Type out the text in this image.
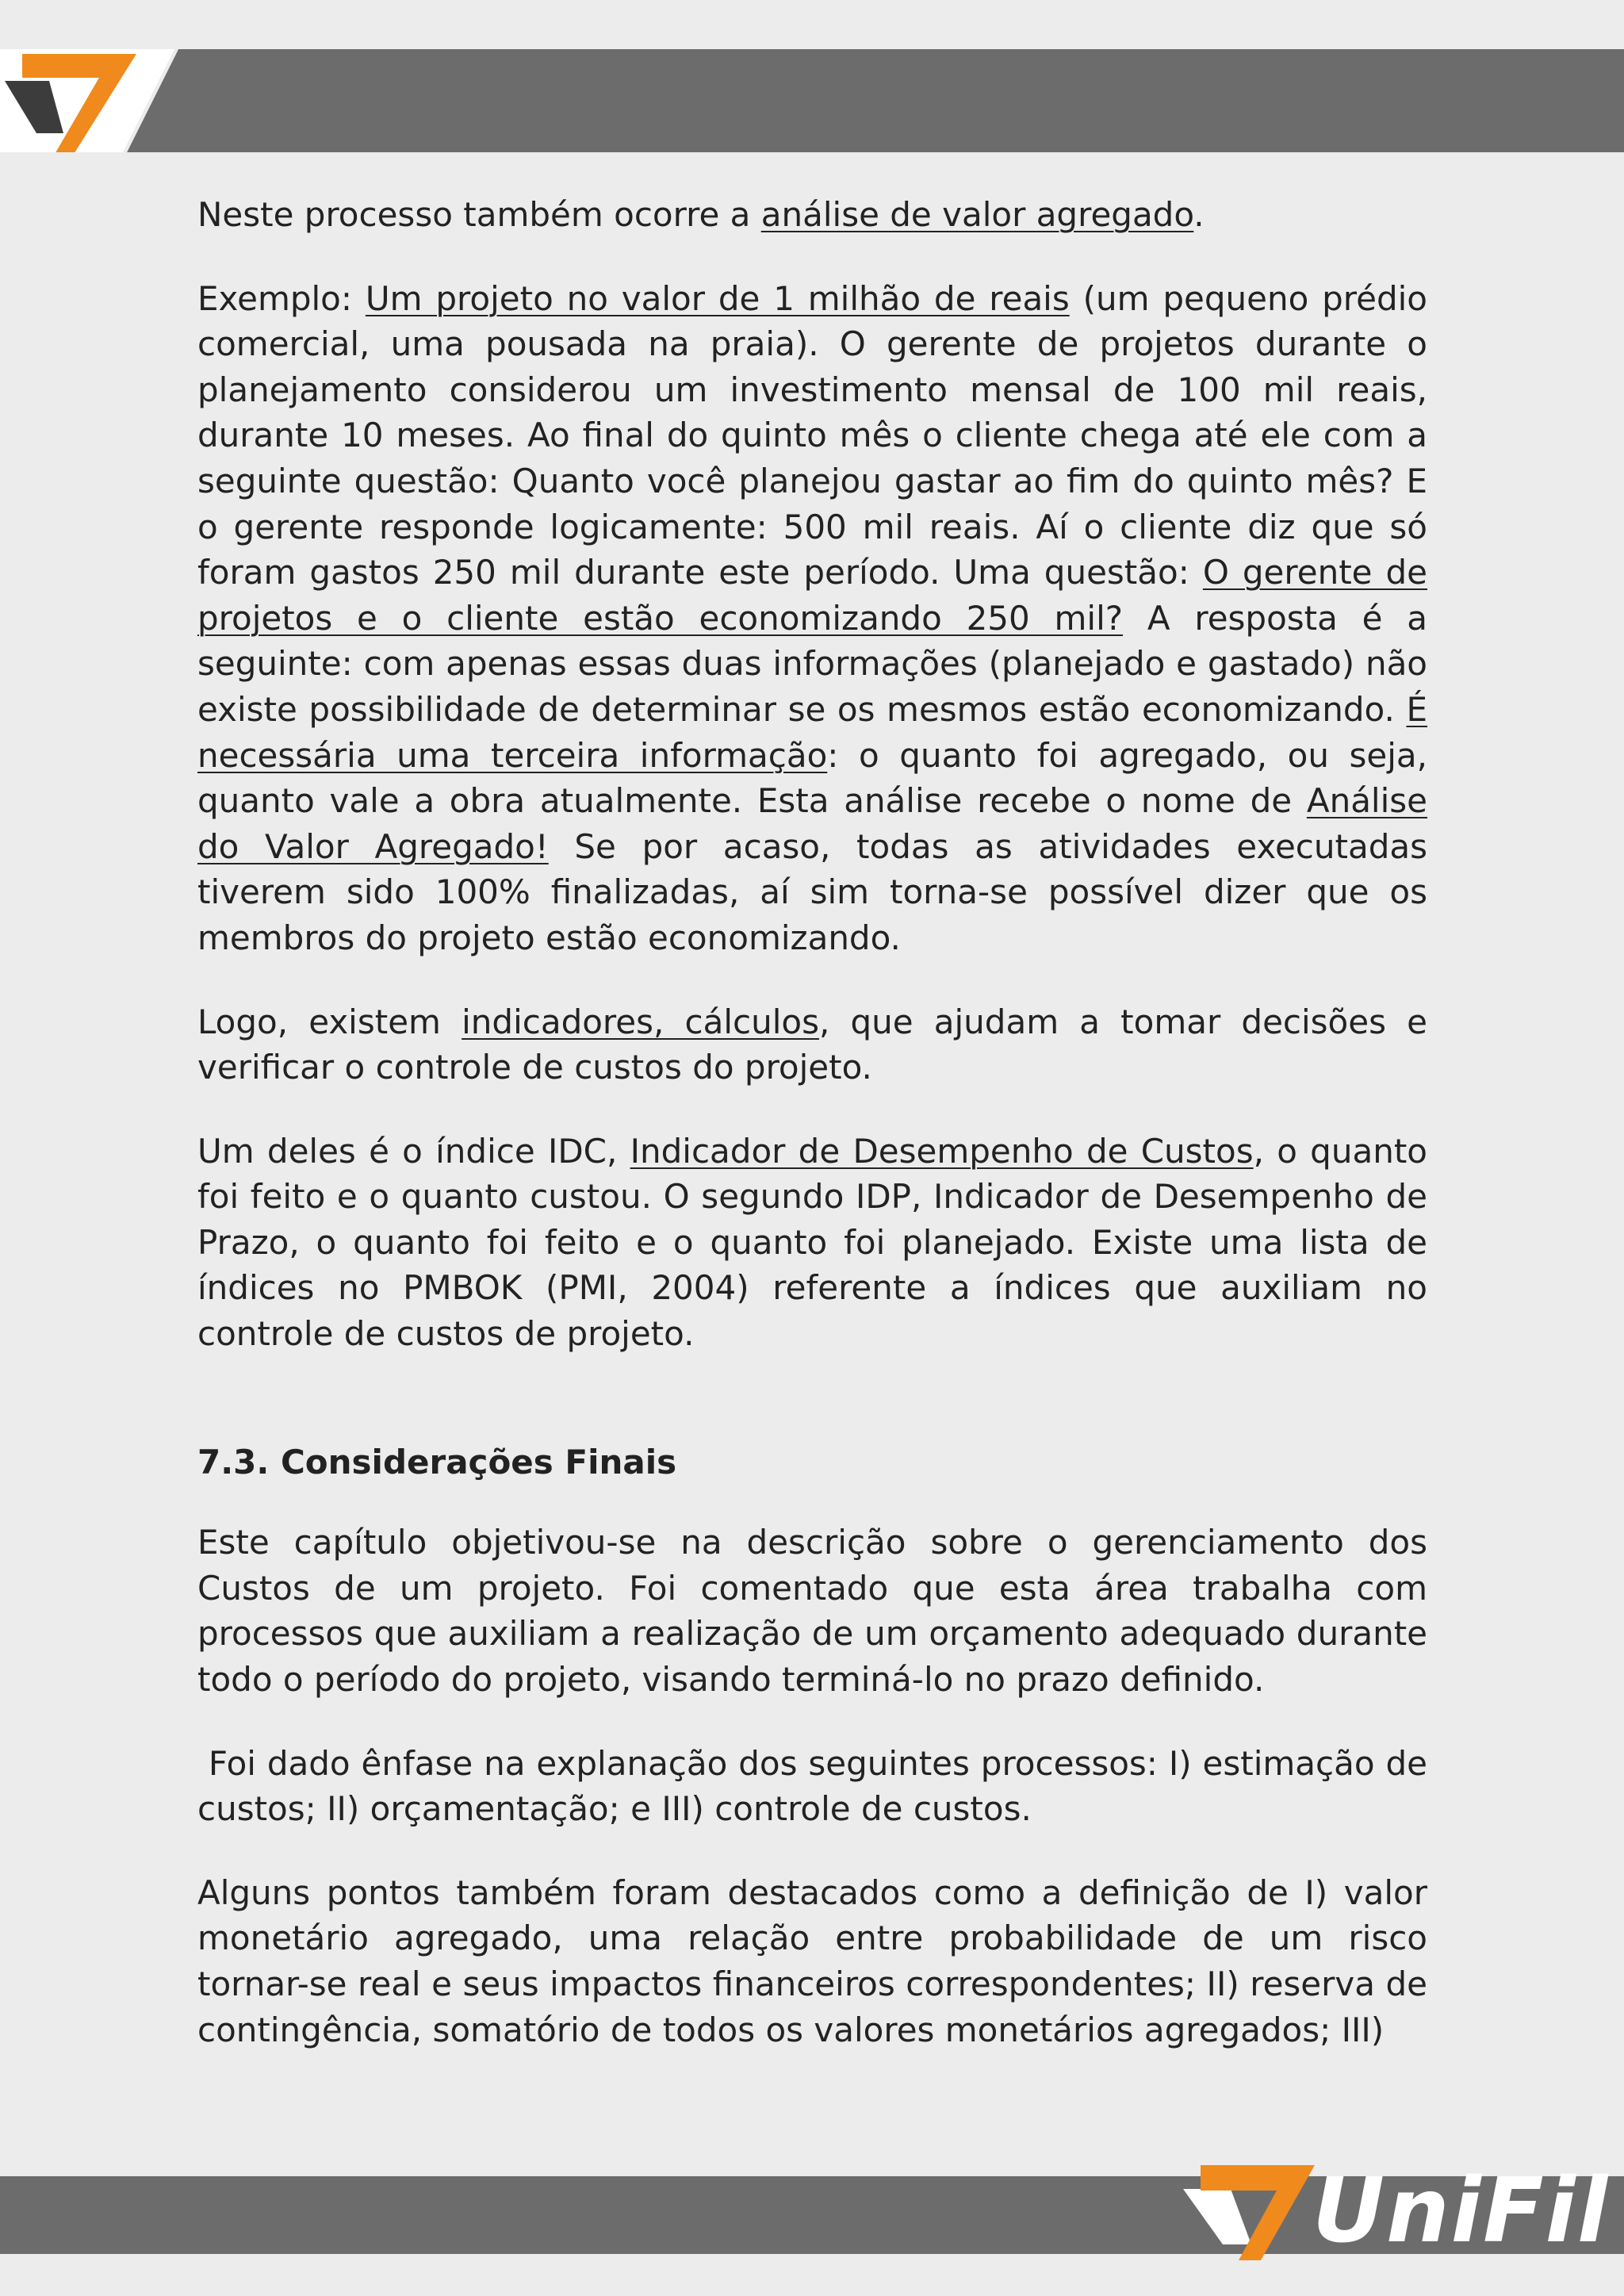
Neste processo também ocorre a análise de valor agregado.

Exemplo: Um projeto no valor de 1 milhão de reais (um pequeno prédio comercial, uma pousada na praia). O gerente de projetos durante o planejamento considerou um investimento mensal de 100 mil reais, durante 10 meses. Ao final do quinto mês o cliente chega até ele com a seguinte questão: Quanto você planejou gastar ao fim do quinto mês? E o gerente responde logicamente: 500 mil reais. Aí o cliente diz que só foram gastos 250 mil durante este período. Uma questão: O gerente de projetos e o cliente estão economizando 250 mil? A resposta é a seguinte: com apenas essas duas informações (planejado e gastado) não existe possibilidade de determinar se os mesmos estão economizando. É necessária uma terceira informação: o quanto foi agregado, ou seja, quanto vale a obra atualmente. Esta análise recebe o nome de Análise do Valor Agregado! Se por acaso, todas as atividades executadas tiverem sido 100% finalizadas, aí sim torna-se possível dizer que os membros do projeto estão economizando.

Logo, existem indicadores, cálculos, que ajudam a tomar decisões e verificar o controle de custos do projeto.

Um deles é o índice IDC, Indicador de Desempenho de Custos, o quanto foi feito e o quanto custou. O segundo IDP, Indicador de Desempenho de Prazo, o quanto foi feito e o quanto foi planejado. Existe uma lista de índices no PMBOK (PMI, 2004) referente a índices que auxiliam no controle de custos de projeto.

7.3. Considerações Finais

Este capítulo objetivou-se na descrição sobre o gerenciamento dos Custos de um projeto. Foi comentado que esta área trabalha com processos que auxiliam a realização de um orçamento adequado durante todo o período do projeto, visando terminá-lo no prazo definido.

Foi dado ênfase na explanação dos seguintes processos: I) estimação de custos; II) orçamentação; e III) controle de custos.

Alguns pontos também foram destacados como a definição de I) valor monetário agregado, uma relação entre probabilidade de um risco tornar-se real e seus impactos financeiros correspondentes; II) reserva de contingência, somatório de todos os valores monetários agregados; III)

UniFil
